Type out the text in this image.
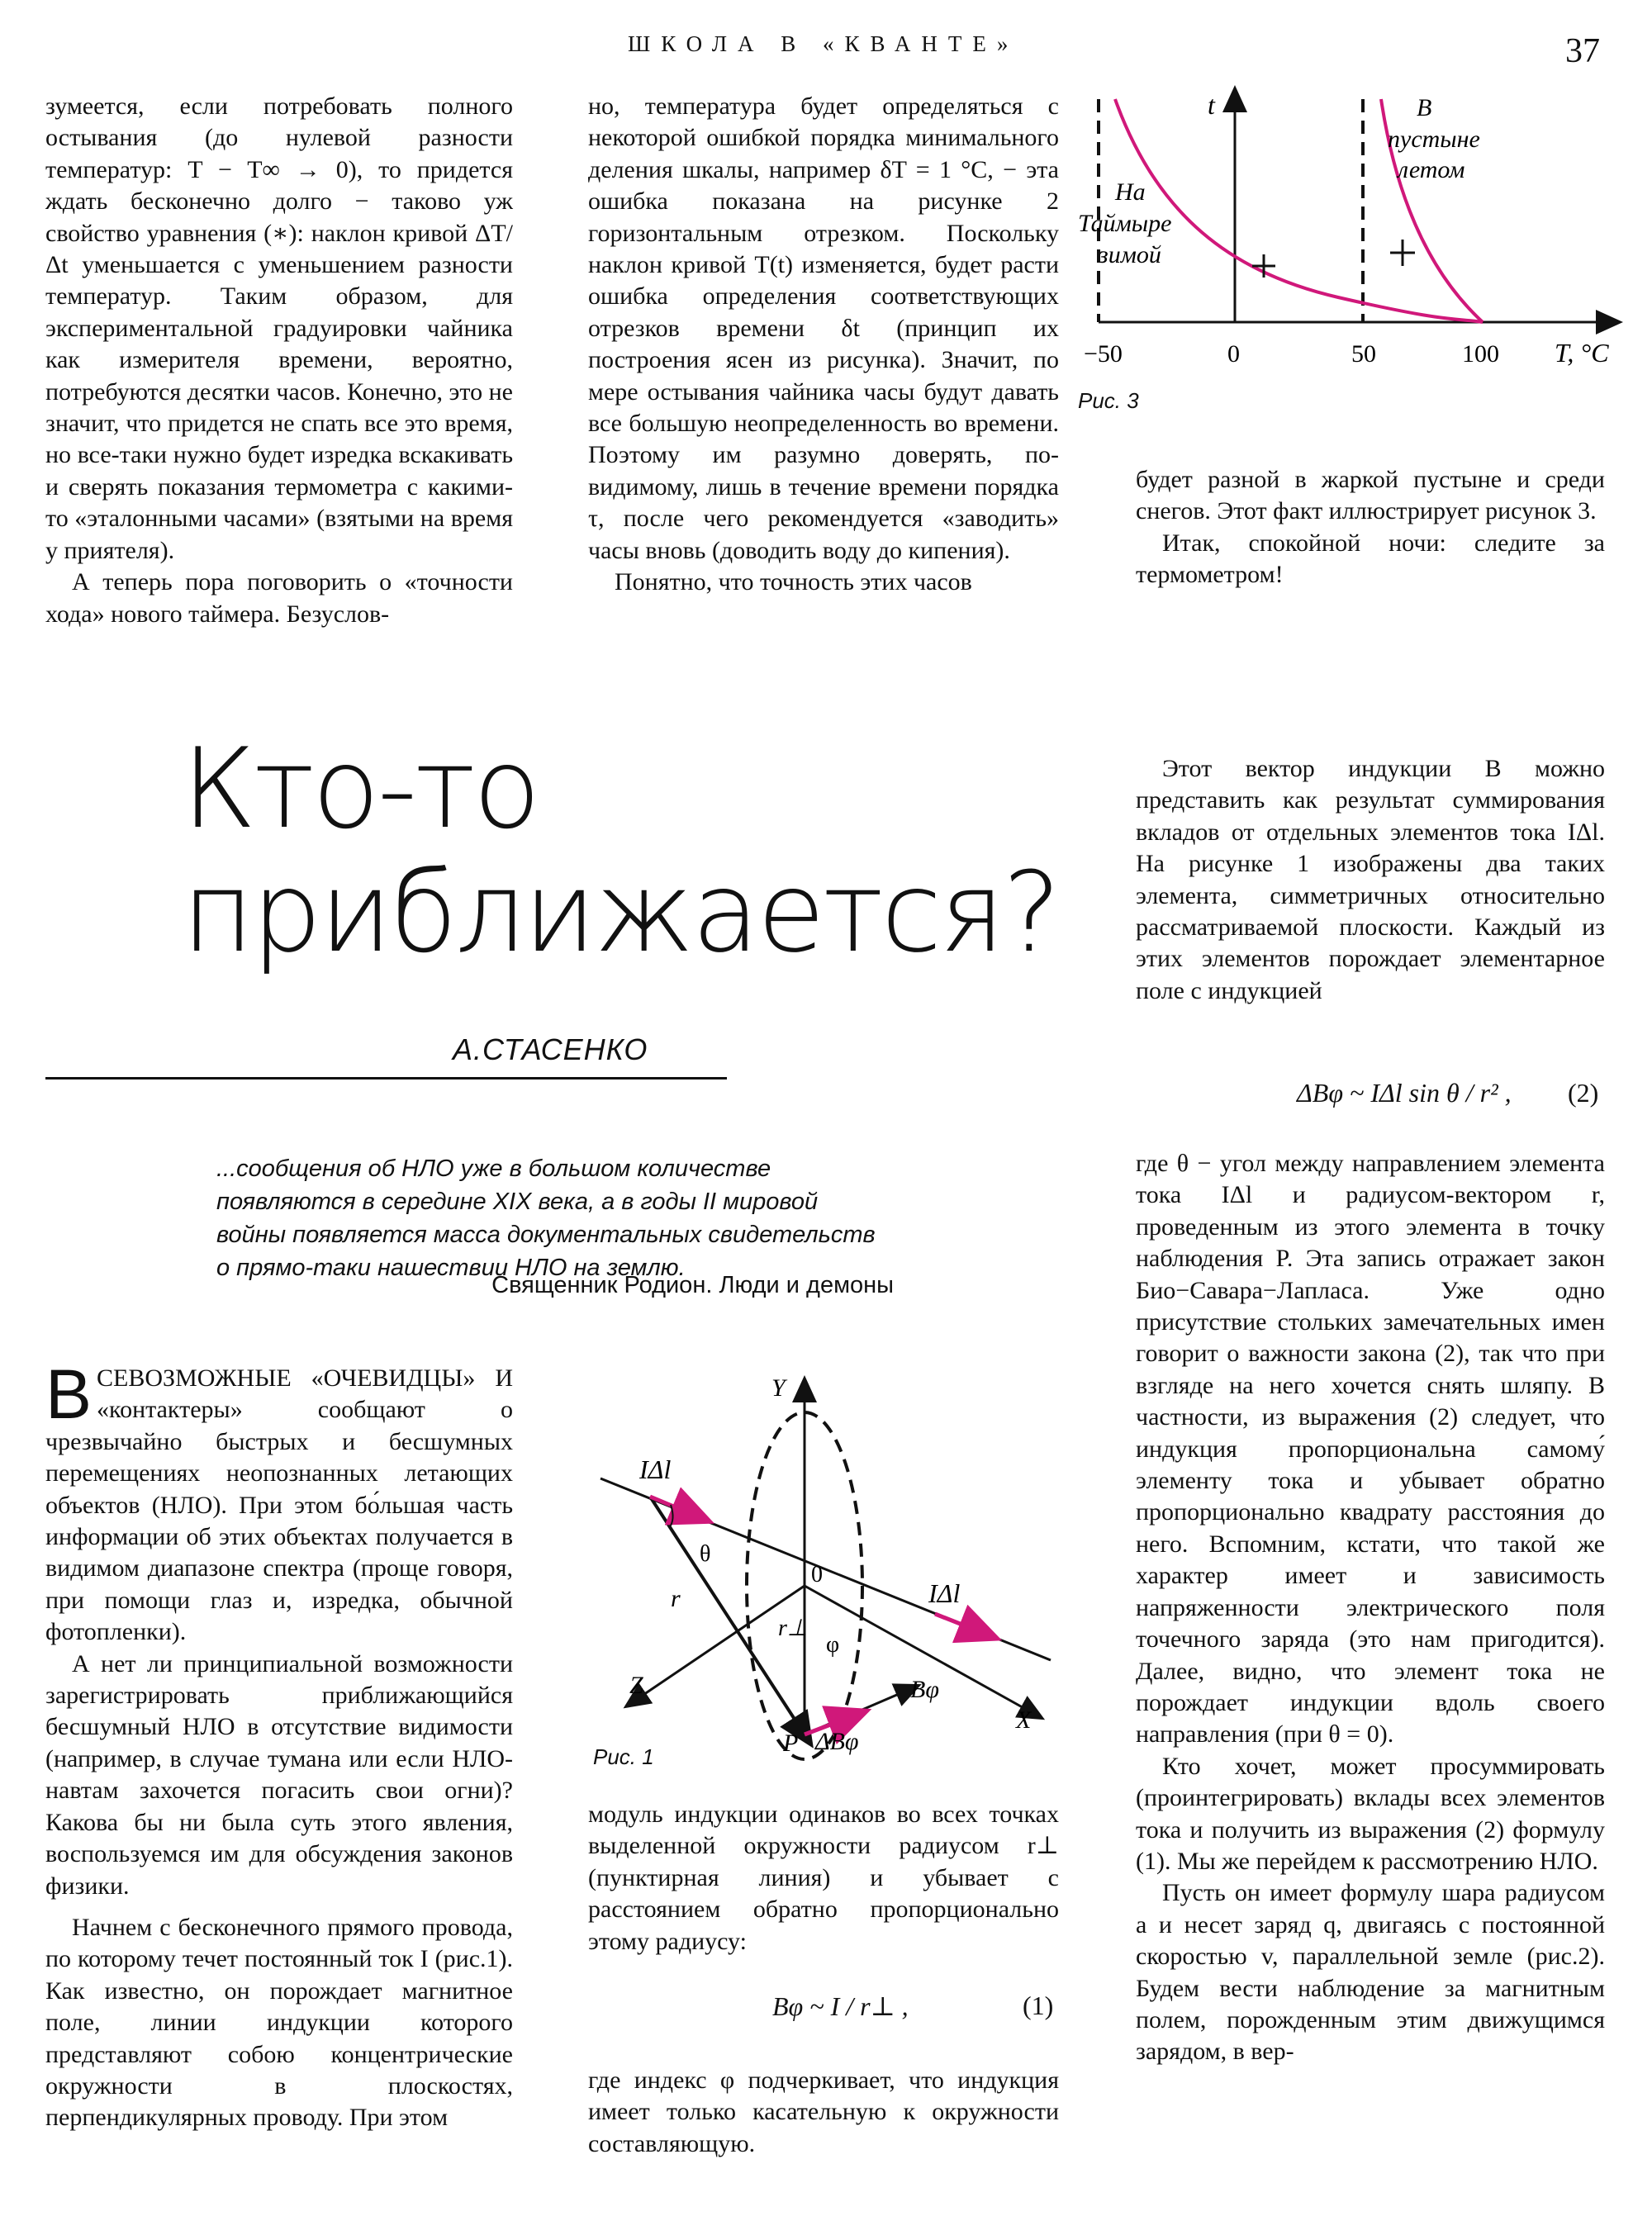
ШКОЛА В «КВАНТЕ»	37

зумеется, если потребовать полного остывания (до нулевой разности температур: T − T∞ → 0), то придется ждать бесконечно долго − таково уж свойство уравнения (∗): наклон кривой ΔT/Δt уменьшается с уменьшением разности температур. Таким образом, для экспериментальной градуировки чайника как измерителя времени, вероятно, потребуются десятки часов. Конечно, это не значит, что придется не спать все это время, но все-таки нужно будет изредка вскакивать и сверять показания термометра с какими-то «эталонными часами» (взятыми на время у приятеля).

А теперь пора поговорить о «точности хода» нового таймера. Безуслов-

но, температура будет определяться с некоторой ошибкой порядка минимального деления шкалы, например δT = 1 °C, − эта ошибка показана на рисунке 2 горизонтальным отрезком. Поскольку наклон кривой T(t) изменяется, будет расти ошибка определения соответствующих отрезков времени δt (принцип их построения ясен из рисунка). Значит, по мере остывания чайника часы будут давать все большую неопределенность во времени. Поэтому им разумно доверять, по-видимому, лишь в течение времени порядка τ, после чего рекомендуется «заводить» часы вновь (доводить воду до кипения).

Понятно, что точность этих часов

t
T, °C
−50	0	50	100
На
Таймыре
зимой
В
пустыне
летом
Рис. 3

будет разной в жаркой пустыне и среди снегов. Этот факт иллюстрирует рисунок 3.

Итак, спокойной ночи: следите за термометром!

Кто-то
приближается?
А.СТАСЕНКО
...сообщения об НЛО уже в большом количестве появляются в середине XIX века, а в годы II мировой войны появляется масса документальных свидетельств о прямо-таки нашествии НЛО на землю.
Священник Родион. Люди и демоны

Этот вектор индукции B можно представить как результат суммирования вкладов от отдельных элементов тока IΔl. На рисунке 1 изображены два таких элемента, симметричных относительно рассматриваемой плоскости. Каждый из этих элементов порождает элементарное поле с индукцией

ΔBφ ~ IΔl sin θ / r² , (2)

где θ − угол между направлением элемента тока IΔl и радиусом-вектором r, проведенным из этого элемента в точку наблюдения P. Эта запись отражает закон Био−Савара−Лапласа. Уже одно присутствие стольких замечательных имен говорит о важности закона (2), так что при взгляде на него хочется снять шляпу. В частности, из выражения (2) следует, что индукция пропорциональна самому́ элементу тока и убывает обратно пропорционально квадрату расстояния до него. Вспомним, кстати, что такой же характер имеет и зависимость напряженности электрического поля точечного заряда (это нам пригодится). Далее, видно, что элемент тока не порождает индукции вдоль своего направления (при θ = 0).

Кто хочет, может просуммировать (проинтегрировать) вклады всех элементов тока и получить из выражения (2) формулу (1). Мы же перейдем к рассмотрению НЛО.

Пусть он имеет формулу шара радиусом a и несет заряд q, двигаясь с постоянной скоростью v, параллельной земле (рис.2). Будем вести наблюдение за магнитным полем, порожденным этим движущимся зарядом, в вер-

ВСЕВОЗМОЖНЫЕ «ОЧЕВИДЦЫ» И «контактеры» сообщают о чрезвычайно быстрых и бесшумных перемещениях неопознанных летающих объектов (НЛО). При этом бо́льшая часть информации об этих объектах получается в видимом диапазоне спектра (проще говоря, при помощи глаз и, изредка, обычной фотопленки).

А нет ли принципиальной возможности зарегистрировать приближающийся бесшумный НЛО в отсутствие видимости (например, в случае тумана или если НЛО-навтам захочется погасить свои огни)? Какова бы ни была суть этого явления, воспользуемся им для обсуждения законов физики.

Начнем с бесконечного прямого провода, по которому течет постоянный ток I (рис.1). Как известно, он порождает магнитное поле, линии индукции которого представляют собою концентрические окружности в плоскостях, перпендикулярных проводу. При этом

Y
Z
X
P
0
IΔl
IΔl
θ
r
r⊥
φ
Bφ
ΔBφ
Рис. 1

модуль индукции одинаков во всех точках выделенной окружности радиусом r⊥ (пунктирная линия) и убывает с расстоянием обратно пропорционально этому радиусу:

Bφ ~ I / r⊥ ,	(1)

где индекс φ подчеркивает, что индукция имеет только касательную к окружности составляющую.
